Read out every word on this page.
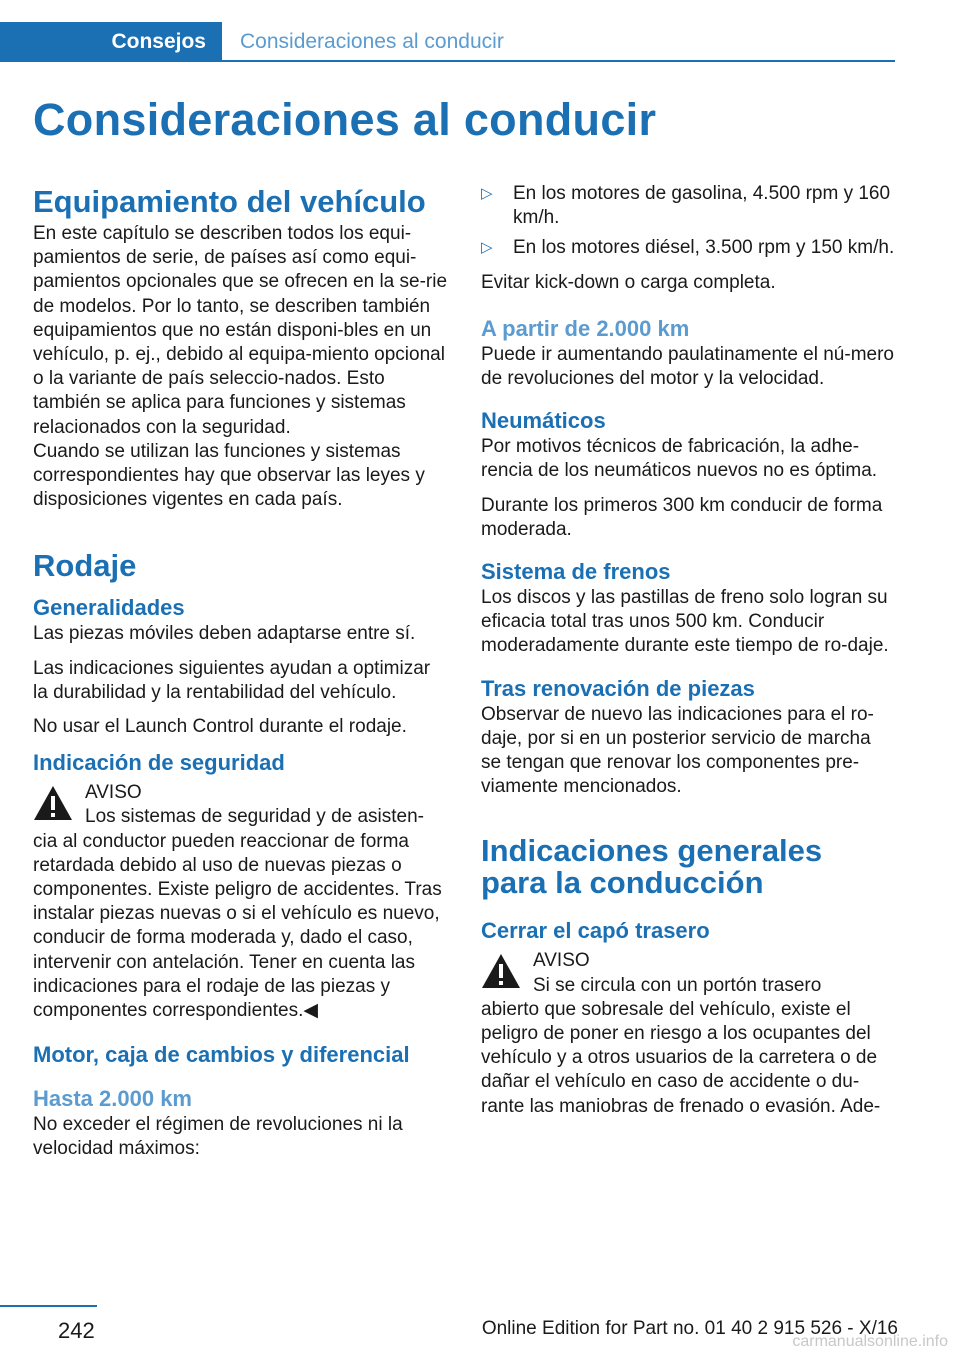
Consejos	Consideraciones al conducir
Consideraciones al conducir
Equipamiento del vehículo

En este capítulo se describen todos los equi-pamientos de serie, de países así como equi-pamientos opcionales que se ofrecen en la se-rie de modelos. Por lo tanto, se describen también equipamientos que no están disponi-bles en un vehículo, p. ej., debido al equipa-miento opcional o la variante de país seleccio-nados. Esto también se aplica para funciones y sistemas relacionados con la seguridad.

Cuando se utilizan las funciones y sistemas correspondientes hay que observar las leyes y disposiciones vigentes en cada país.

Rodaje
Generalidades

Las piezas móviles deben adaptarse entre sí.

Las indicaciones siguientes ayudan a optimizar la durabilidad y la rentabilidad del vehículo.

No usar el Launch Control durante el rodaje.

Indicación de seguridad
AVISO
Los sistemas de seguridad y de asisten-

cia al conductor pueden reaccionar de forma retardada debido al uso de nuevas piezas o componentes. Existe peligro de accidentes. Tras instalar piezas nuevas o si el vehículo es nuevo, conducir de forma moderada y, dado el caso, intervenir con antelación. Tener en cuenta las indicaciones para el rodaje de las piezas y componentes correspondientes.◀

Motor, caja de cambios y diferencial
Hasta 2.000 km

No exceder el régimen de revoluciones ni la velocidad máximos:

▷ En los motores de gasolina, 4.500 rpm y 160 km/h.
▷ En los motores diésel, 3.500 rpm y 150 km/h.

Evitar kick-down o carga completa.

A partir de 2.000 km

Puede ir aumentando paulatinamente el nú-mero de revoluciones del motor y la velocidad.

Neumáticos

Por motivos técnicos de fabricación, la adhe-rencia de los neumáticos nuevos no es óptima.

Durante los primeros 300 km conducir de forma moderada.

Sistema de frenos

Los discos y las pastillas de freno solo logran su eficacia total tras unos 500 km. Conducir moderadamente durante este tiempo de ro-daje.

Tras renovación de piezas

Observar de nuevo las indicaciones para el ro-daje, por si en un posterior servicio de marcha se tengan que renovar los componentes pre-viamente mencionados.

Indicaciones generales para la conducción
Cerrar el capó trasero
AVISO
Si se circula con un portón trasero

abierto que sobresale del vehículo, existe el peligro de poner en riesgo a los ocupantes del vehículo y a otros usuarios de la carretera o de dañar el vehículo en caso de accidente o du-rante las maniobras de frenado o evasión. Ade-

242	Online Edition for Part no. 01 40 2 915 526 - X/16
carmanualsonline.info
